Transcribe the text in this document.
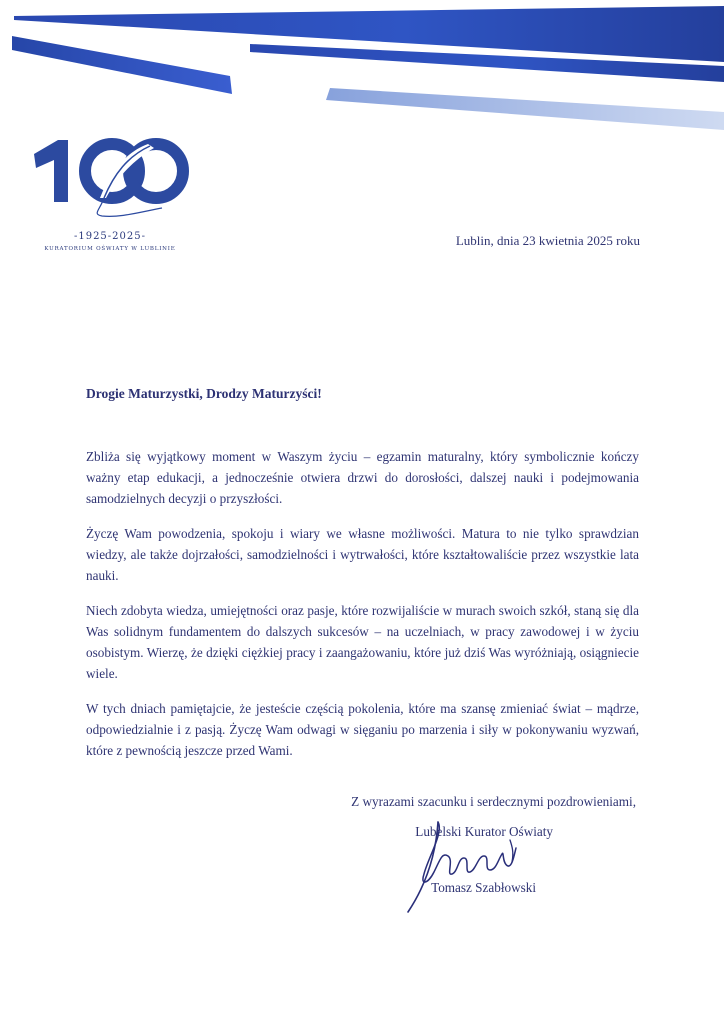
-1925-2025-
KURATORIUM OŚWIATY W LUBLINIE
Lublin, dnia 23 kwietnia 2025 roku
Drogie Maturzystki, Drodzy Maturzyści!

Zbliża się wyjątkowy moment w Waszym życiu – egzamin maturalny, który symbolicznie kończy ważny etap edukacji, a jednocześnie otwiera drzwi do dorosłości, dalszej nauki i podejmowania samodzielnych decyzji o przyszłości.

Życzę Wam powodzenia, spokoju i wiary we własne możliwości. Matura to nie tylko sprawdzian wiedzy, ale także dojrzałości, samodzielności i wytrwałości, które kształtowaliście przez wszystkie lata nauki.

Niech zdobyta wiedza, umiejętności oraz pasje, które rozwijaliście w murach swoich szkół, staną się dla Was solidnym fundamentem do dalszych sukcesów – na uczelniach, w pracy zawodowej i w życiu osobistym. Wierzę, że dzięki ciężkiej pracy i zaangażowaniu, które już dziś Was wyróżniają, osiągniecie wiele.

W tych dniach pamiętajcie, że jesteście częścią pokolenia, które ma szansę zmieniać świat – mądrze, odpowiedzialnie i z pasją. Życzę Wam odwagi w sięganiu po marzenia i siły w pokonywaniu wyzwań, które z pewnością jeszcze przed Wami.

Z wyrazami szacunku i serdecznymi pozdrowieniami,
Lubelski Kurator Oświaty
Tomasz Szabłowski
